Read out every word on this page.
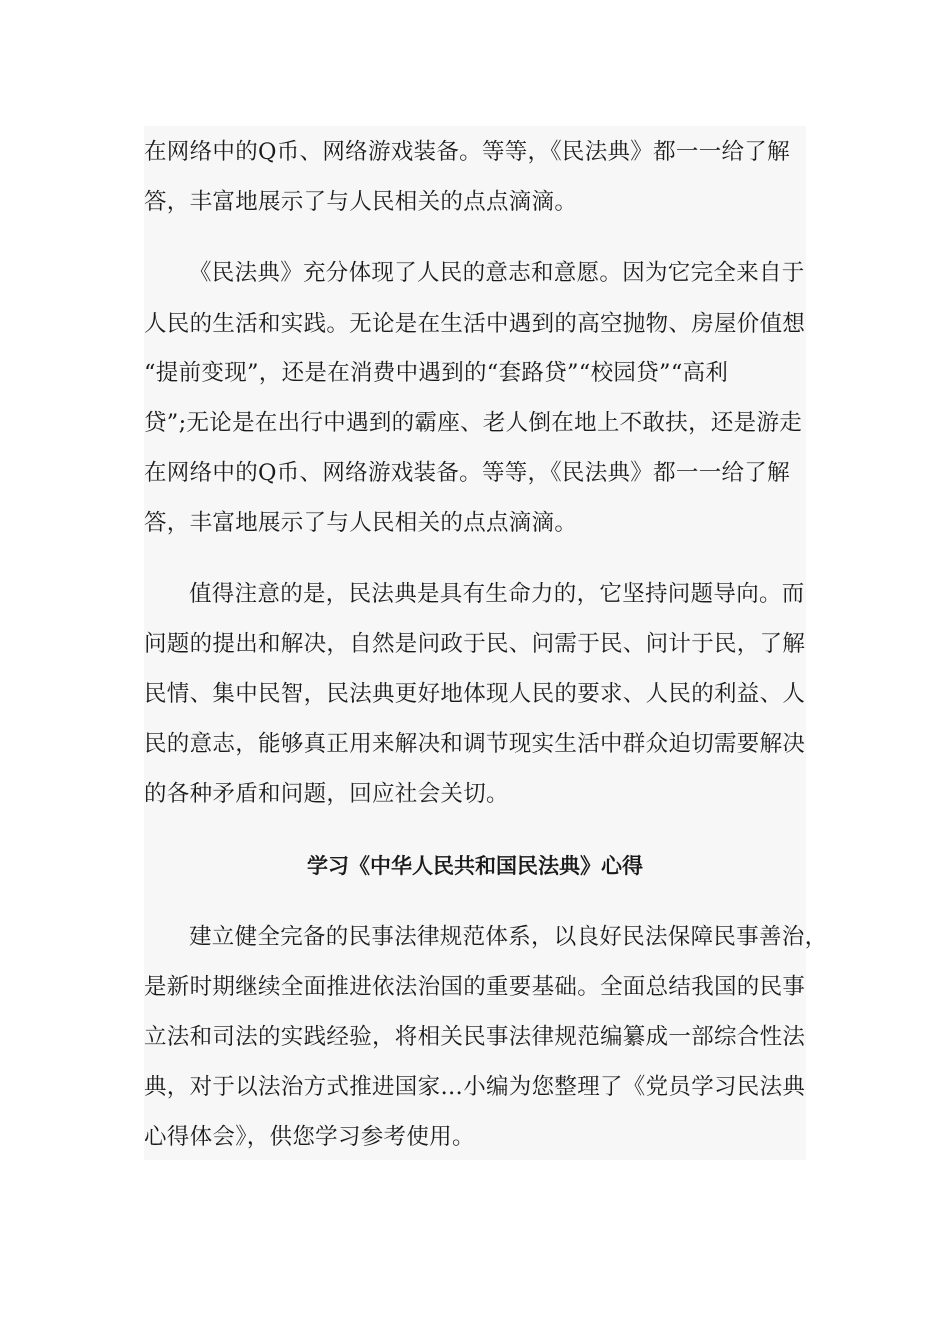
在网络中的Q币、网络游戏装备。等等，《民法典》都一一给了解
答，丰富地展示了与人民相关的点点滴滴。
《民法典》充分体现了人民的意志和意愿。因为它完全来自于
人民的生活和实践。无论是在生活中遇到的高空抛物、房屋价值想
“提前变现”，还是在消费中遇到的“套路贷”“校园贷”“高利
贷”;无论是在出行中遇到的霸座、老人倒在地上不敢扶，还是游走
在网络中的Q币、网络游戏装备。等等，《民法典》都一一给了解
答，丰富地展示了与人民相关的点点滴滴。
值得注意的是，民法典是具有生命力的，它坚持问题导向。而
问题的提出和解决，自然是问政于民、问需于民、问计于民，了解
民情、集中民智，民法典更好地体现人民的要求、人民的利益、人
民的意志，能够真正用来解决和调节现实生活中群众迫切需要解决
的各种矛盾和问题，回应社会关切。
学习《中华人民共和国民法典》心得
建立健全完备的民事法律规范体系，以良好民法保障民事善治，
是新时期继续全面推进依法治国的重要基础。全面总结我国的民事
立法和司法的实践经验，将相关民事法律规范编纂成一部综合性法
典，对于以法治方式推进国家…小编为您整理了《党员学习民法典
心得体会》，供您学习参考使用。
